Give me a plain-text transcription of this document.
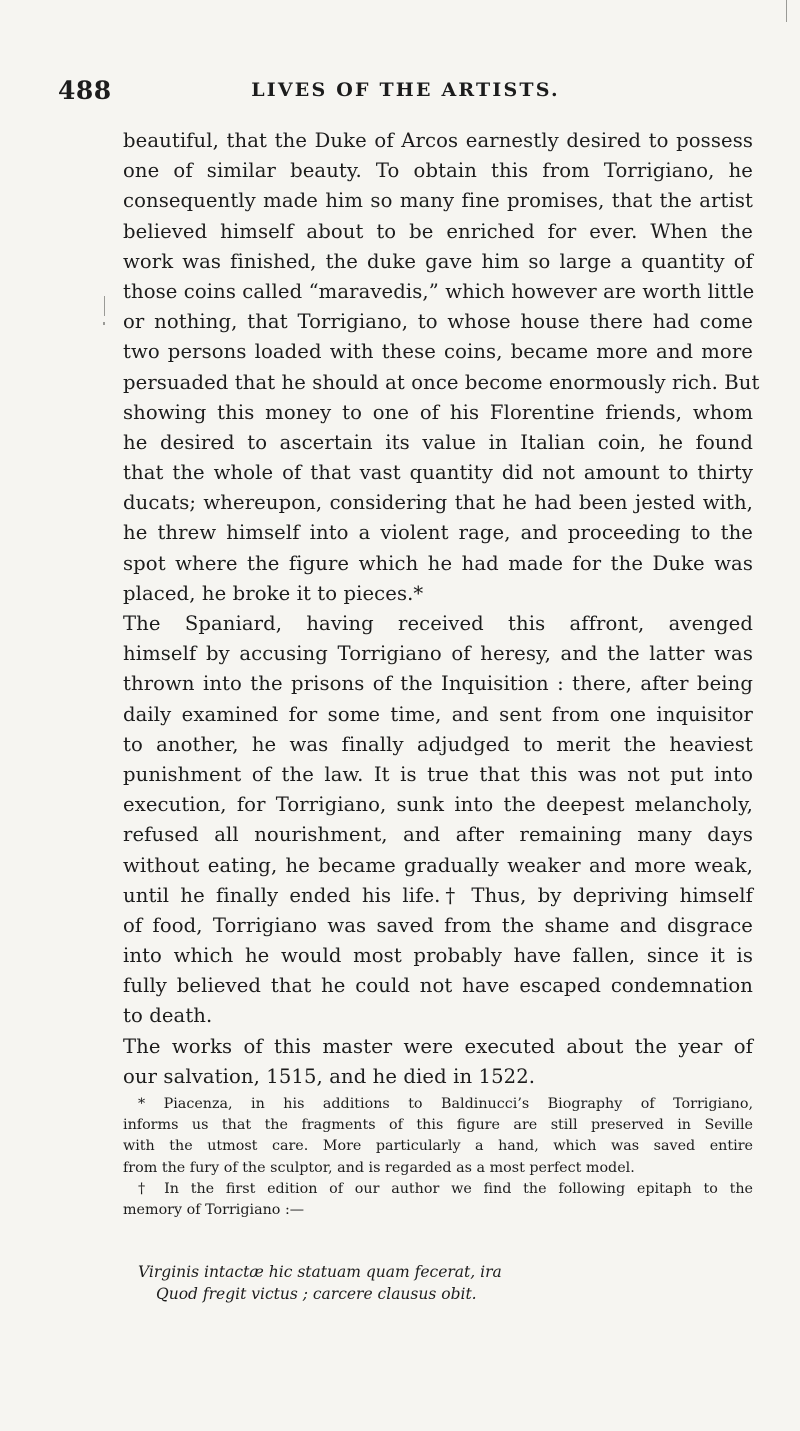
488	LIVES OF THE ARTISTS.
beautiful, that the Duke of Arcos earnestly desired to possess
one of similar beauty. To obtain this from Torrigiano, he
consequently made him so many fine promises, that the artist
believed himself about to be enriched for ever. When the
work was finished, the duke gave him so large a quantity of
those coins called “maravedis,” which however are worth little
or nothing, that Torrigiano, to whose house there had come
two persons loaded with these coins, became more and more
persuaded that he should at once become enormously rich. But
showing this money to one of his Florentine friends, whom
he desired to ascertain its value in Italian coin, he found
that the whole of that vast quantity did not amount to thirty
ducats; whereupon, considering that he had been jested with,
he threw himself into a violent rage, and proceeding to the
spot where the figure which he had made for the Duke was
placed, he broke it to pieces.*
The Spaniard, having received this affront, avenged
himself by accusing Torrigiano of heresy, and the latter was
thrown into the prisons of the Inquisition : there, after being
daily examined for some time, and sent from one inquisitor
to another, he was finally adjudged to merit the heaviest
punishment of the law. It is true that this was not put into
execution, for Torrigiano, sunk into the deepest melancholy,
refused all nourishment, and after remaining many days
without eating, he became gradually weaker and more weak,
until he finally ended his life.† Thus, by depriving himself
of food, Torrigiano was saved from the shame and disgrace
into which he would most probably have fallen, since it is
fully believed that he could not have escaped condemnation
to death.
The works of this master were executed about the year of
our salvation, 1515, and he died in 1522.
* Piacenza, in his additions to Baldinucci’s Biography of Torrigiano,
informs us that the fragments of this figure are still preserved in Seville
with the utmost care. More particularly a hand, which was saved entire
from the fury of the sculptor, and is regarded as a most perfect model.
† In the first edition of our author we find the following epitaph to the
memory of Torrigiano :—
Virginis intactæ hic statuam quam fecerat, ira
Quod fregit victus ; carcere clausus obit.
